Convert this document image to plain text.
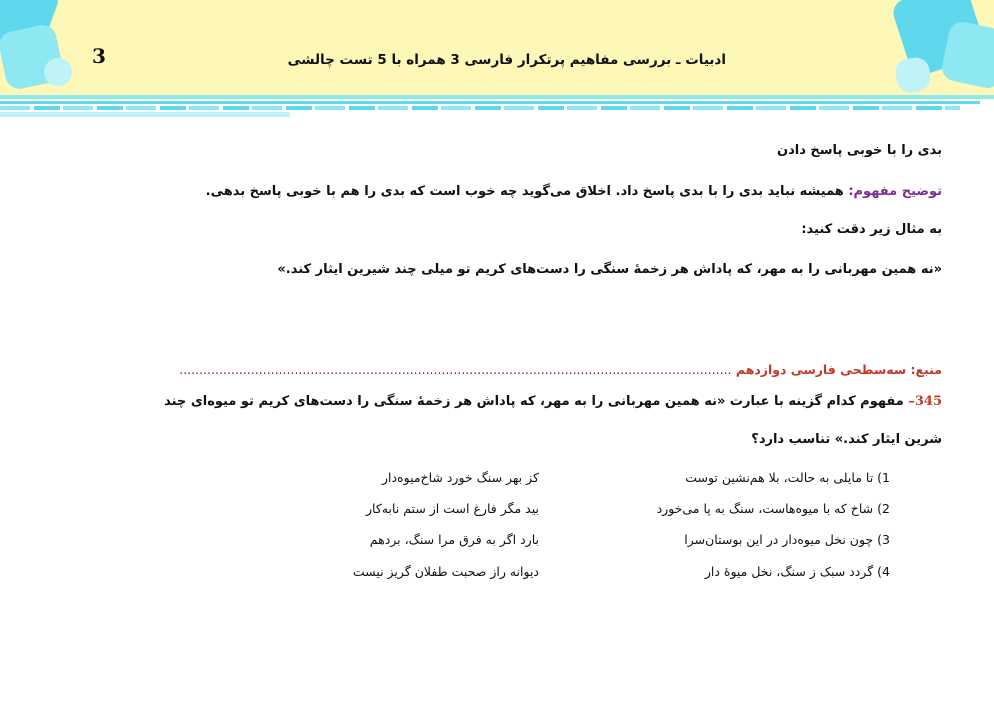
3	ادبیات ـ بررسی مفاهیم پرتکرار فارسی 3 همراه با 5 تست چالشی
بدی را با خوبی پاسخ دادن
توضیح مفهوم: همیشه نباید بدی را با بدی پاسخ داد. اخلاق می‌گوید چه خوب است که بدی را هم با خوبی پاسخ بدهی.
به مثال زیر دقت کنید:
«نه همین مهربانی را به مهر، که پاداش هر زخمهٔ سنگی را دست‌های کریم تو میلی چند شیرین ایثار کند.»
منبع: سه‌سطحی فارسی دوازدهم ...........................................................................................................................................
345– مفهوم کدام گزینه با عبارت «نه همین مهربانی را به مهر، که پاداش هر زخمهٔ سنگی را دست‌های کریم تو میوه‌ای چند
شرین ایثار کند.» تناسب دارد؟
1) تا مایلی به حالت، بلا هم‌نشین توست
کز بهر سنگ خورد شاخ‌میوه‌دار
2) شاخ که با میوه‌هاست، سنگ به پا می‌خورد
بید مگر فارغ است از ستم نابه‌کار
3) چون نخل میوه‌دار در این بوستان‌سرا
بارد اگر به فرق مرا سنگ، بردهم
4) گردد سبک ز سنگ، نخل میوهٔ دار
دیوانه راز صحبت طفلان گریز نیست
